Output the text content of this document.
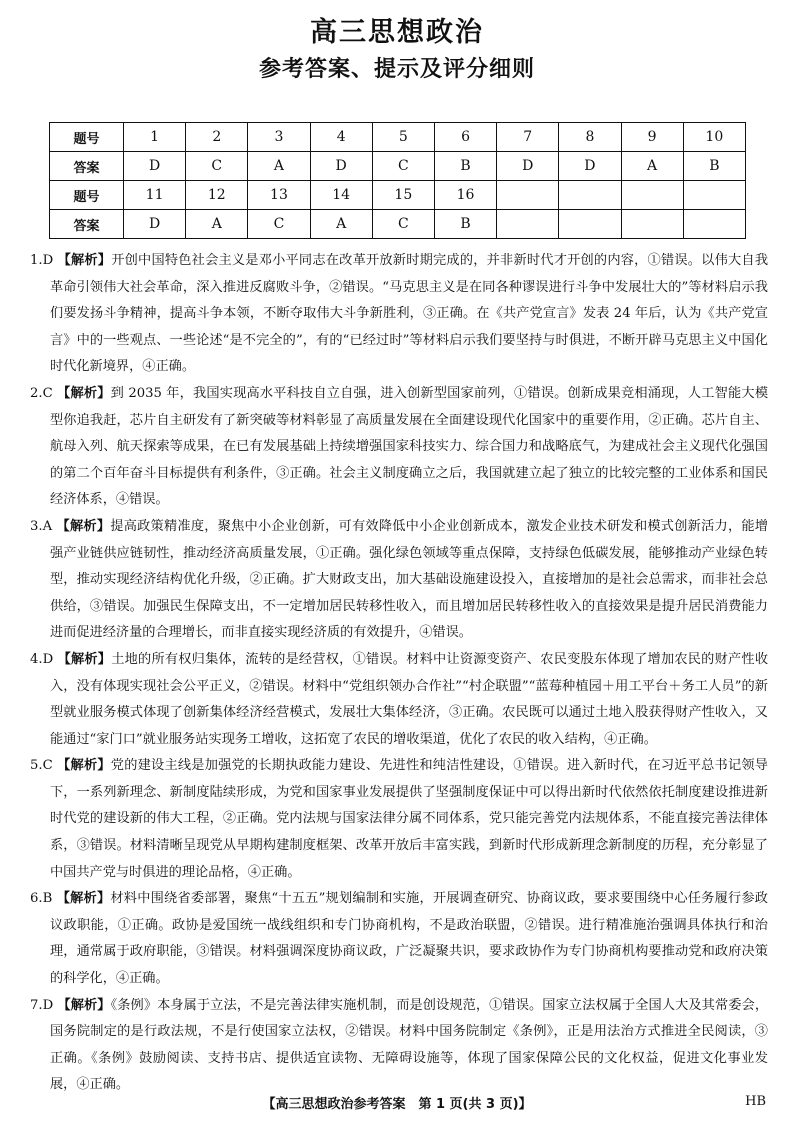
高三思想政治
参考答案、提示及评分细则
题号	1	2	3	4	5	6	7	8	9	10
答案	D	C	A	D	C	B	D	D	A	B
题号	11	12	13	14	15	16				
答案	D	A	C	A	C	B				

1.D 【解析】开创中国特色社会主义是邓小平同志在改革开放新时期完成的，并非新时代才开创的内容，①错误。以伟大自我革命引领伟大社会革命，深入推进反腐败斗争，②错误。“马克思主义是在同各种谬误进行斗争中发展壮大的”等材料启示我们要发扬斗争精神，提高斗争本领，不断夺取伟大斗争新胜利，③正确。在《共产党宣言》发表 24 年后，认为《共产党宣言》中的一些观点、一些论述“是不完全的”，有的“已经过时”等材料启示我们要坚持与时俱进，不断开辟马克思主义中国化时代化新境界，④正确。

2.C 【解析】到 2035 年，我国实现高水平科技自立自强，进入创新型国家前列，①错误。创新成果竞相涌现，人工智能大模型你追我赶，芯片自主研发有了新突破等材料彰显了高质量发展在全面建设现代化国家中的重要作用，②正确。芯片自主、航母入列、航天探索等成果，在已有发展基础上持续增强国家科技实力、综合国力和战略底气，为建成社会主义现代化强国的第二个百年奋斗目标提供有利条件，③正确。社会主义制度确立之后，我国就建立起了独立的比较完整的工业体系和国民经济体系，④错误。

3.A 【解析】提高政策精准度，聚焦中小企业创新，可有效降低中小企业创新成本，激发企业技术研发和模式创新活力，能增强产业链供应链韧性，推动经济高质量发展，①正确。强化绿色领域等重点保障，支持绿色低碳发展，能够推动产业绿色转型，推动实现经济结构优化升级，②正确。扩大财政支出，加大基础设施建设投入，直接增加的是社会总需求，而非社会总供给，③错误。加强民生保障支出，不一定增加居民转移性收入，而且增加居民转移性收入的直接效果是提升居民消费能力进而促进经济量的合理增长，而非直接实现经济质的有效提升，④错误。

4.D 【解析】土地的所有权归集体，流转的是经营权，①错误。材料中让资源变资产、农民变股东体现了增加农民的财产性收入，没有体现实现社会公平正义，②错误。材料中“党组织领办合作社”“村企联盟”“蓝莓种植园＋用工平台＋务工人员”的新型就业服务模式体现了创新集体经济经营模式，发展壮大集体经济，③正确。农民既可以通过土地入股获得财产性收入，又能通过“家门口”就业服务站实现务工增收，这拓宽了农民的增收渠道，优化了农民的收入结构，④正确。

5.C 【解析】党的建设主线是加强党的长期执政能力建设、先进性和纯洁性建设，①错误。进入新时代，在习近平总书记领导下，一系列新理念、新制度陆续形成，为党和国家事业发展提供了坚强制度保证中可以得出新时代依然依托制度建设推进新时代党的建设新的伟大工程，②正确。党内法规与国家法律分属不同体系，党只能完善党内法规体系，不能直接完善法律体系，③错误。材料清晰呈现党从早期构建制度框架、改革开放后丰富实践，到新时代形成新理念新制度的历程，充分彰显了中国共产党与时俱进的理论品格，④正确。

6.B 【解析】材料中围绕省委部署，聚焦“十五五”规划编制和实施，开展调查研究、协商议政，要求要围绕中心任务履行参政议政职能，①正确。政协是爱国统一战线组织和专门协商机构，不是政治联盟，②错误。进行精准施治强调具体执行和治理，通常属于政府职能，③错误。材料强调深度协商议政，广泛凝聚共识，要求政协作为专门协商机构要推动党和政府决策的科学化，④正确。

7.D 【解析】《条例》本身属于立法，不是完善法律实施机制，而是创设规范，①错误。国家立法权属于全国人大及其常委会，国务院制定的是行政法规，不是行使国家立法权，②错误。材料中国务院制定《条例》，正是用法治方式推进全民阅读，③正确。《条例》鼓励阅读、支持书店、提供适宜读物、无障碍设施等，体现了国家保障公民的文化权益，促进文化事业发展，④正确。

【高三思想政治参考答案　第 1 页(共 3 页)】	HB
